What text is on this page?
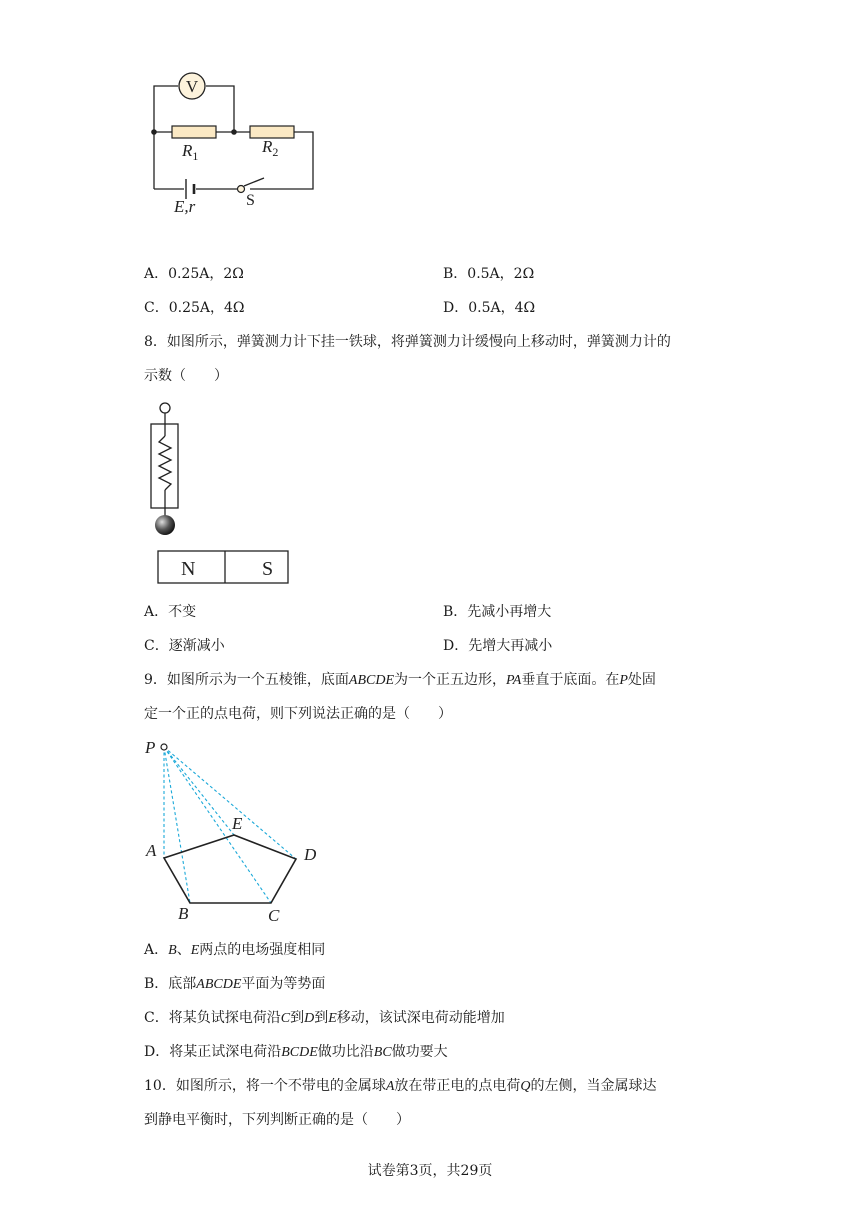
V
$R_1$	$R_2$
E,r	S
A．0.25A，2Ω	B．0.5A，2Ω
C．0.25A，4Ω	D．0.5A，4Ω
8．如图所示，弹簧测力计下挂一铁球，将弹簧测力计缓慢向上移动时，弹簧测力计的
示数（　　）
N	S
A．不变	B．先减小再增大
C．逐渐减小	D．先增大再减小
9．如图所示为一个五棱锥，底面ABCDE为一个正五边形，PA垂直于底面。在P处固
定一个正的点电荷，则下列说法正确的是（　　）
P
A
E
D
B	C
A．B、E两点的电场强度相同
B．底部ABCDE平面为等势面
C．将某负试探电荷沿C到D到E移动，该试深电荷动能增加
D．将某正试深电荷沿BCDE做功比沿BC做功要大
10．如图所示，将一个不带电的金属球A放在带正电的点电荷Q的左侧，当金属球达
到静电平衡时，下列判断正确的是（　　）
试卷第3页，共29页
